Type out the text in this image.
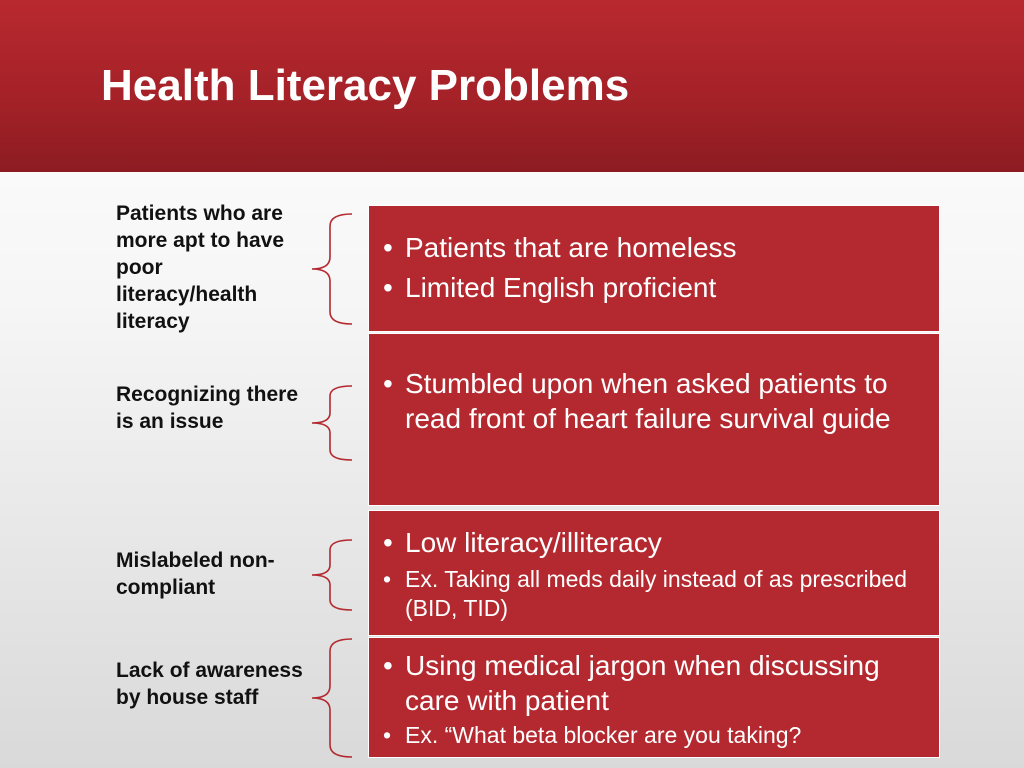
Health Literacy Problems
Patients who are more apt to have poor literacy/health literacy
• Patients that are homeless
• Limited English proficient
Recognizing there is an issue
• Stumbled upon when asked patients to read front of heart failure survival guide
Mislabeled non-compliant
• Low literacy/illiteracy
• Ex. Taking all meds daily instead of as prescribed (BID, TID)
Lack of awareness by house staff
• Using medical jargon when discussing care with patient
• Ex. “What beta blocker are you taking?
